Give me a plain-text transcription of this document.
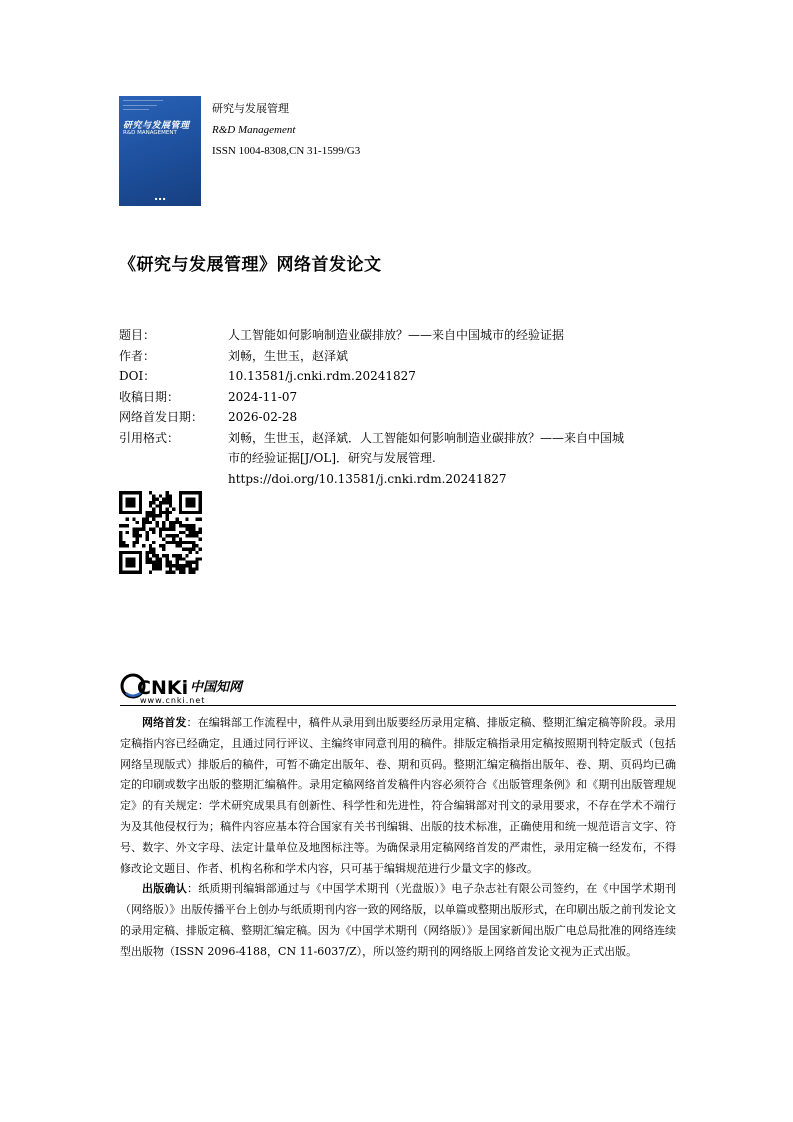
研究与发展管理
R&D MANAGEMENT
▪ ▪ ▪
研究与发展管理
R&D Management
ISSN 1004-8308,CN 31-1599/G3
《研究与发展管理》网络首发论文
题目：	人工智能如何影响制造业碳排放？——来自中国城市的经验证据
作者：	刘畅，生世玉，赵泽斌
DOI：	10.13581/j.cnki.rdm.20241827
收稿日期：	2024-11-07
网络首发日期：	2026-02-28
引用格式：	刘畅，生世玉，赵泽斌．人工智能如何影响制造业碳排放？——来自中国城
市的经验证据[J/OL]．研究与发展管理.
https://doi.org/10.13581/j.cnki.rdm.20241827
CNKi 中国知网
www.cnki.net

网络首发：在编辑部工作流程中，稿件从录用到出版要经历录用定稿、排版定稿、整期汇编定稿等阶段。录用定稿指内容已经确定，且通过同行评议、主编终审同意刊用的稿件。排版定稿指录用定稿按照期刊特定版式（包括网络呈现版式）排版后的稿件，可暂不确定出版年、卷、期和页码。整期汇编定稿指出版年、卷、期、页码均已确定的印刷或数字出版的整期汇编稿件。录用定稿网络首发稿件内容必须符合《出版管理条例》和《期刊出版管理规定》的有关规定：学术研究成果具有创新性、科学性和先进性，符合编辑部对刊文的录用要求，不存在学术不端行为及其他侵权行为；稿件内容应基本符合国家有关书刊编辑、出版的技术标准，正确使用和统一规范语言文字、符号、数字、外文字母、法定计量单位及地图标注等。为确保录用定稿网络首发的严肃性，录用定稿一经发布，不得修改论文题目、作者、机构名称和学术内容，只可基于编辑规范进行少量文字的修改。

出版确认：纸质期刊编辑部通过与《中国学术期刊（光盘版）》电子杂志社有限公司签约，在《中国学术期刊（网络版）》出版传播平台上创办与纸质期刊内容一致的网络版，以单篇或整期出版形式，在印刷出版之前刊发论文的录用定稿、排版定稿、整期汇编定稿。因为《中国学术期刊（网络版）》是国家新闻出版广电总局批准的网络连续型出版物（ISSN 2096-4188，CN 11-6037/Z），所以签约期刊的网络版上网络首发论文视为正式出版。
